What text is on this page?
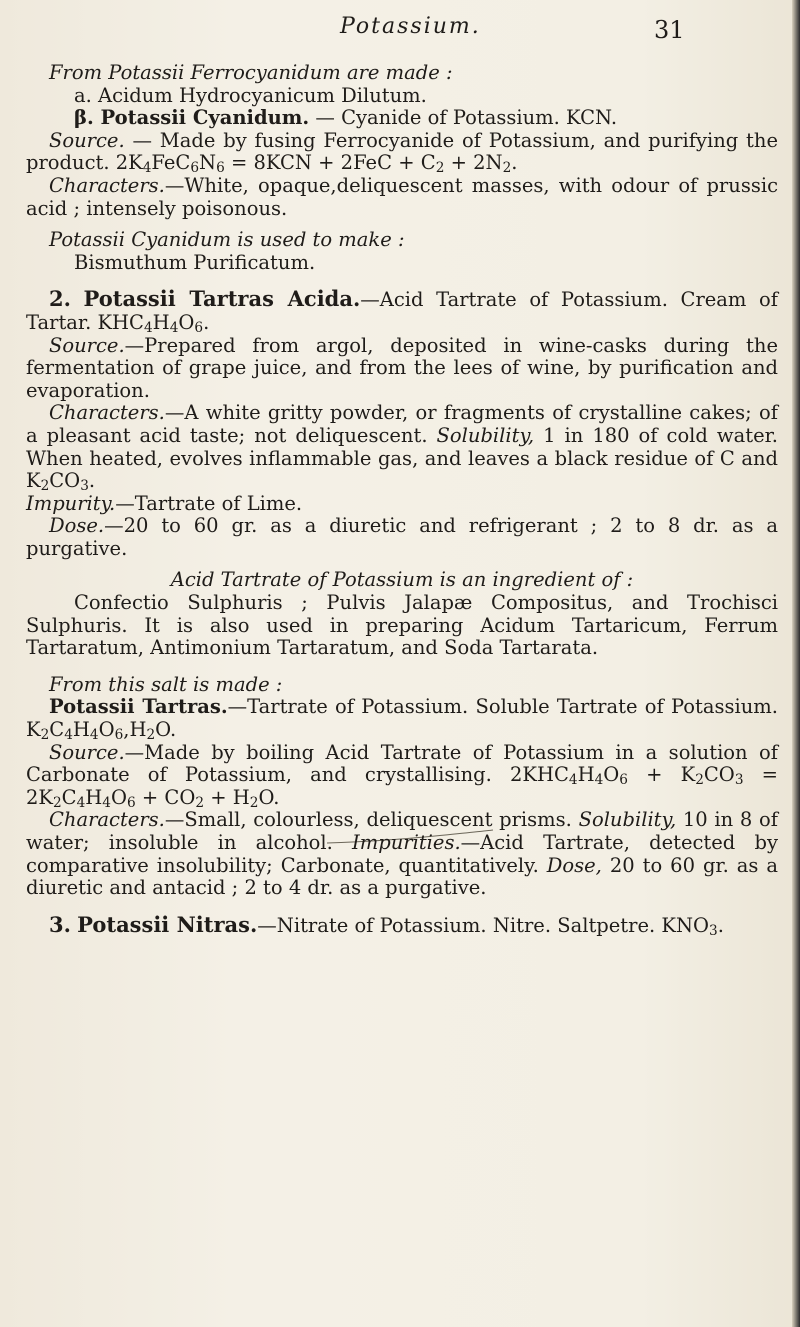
Potassium.	31

From Potassii Ferrocyanidum are made :

a. Acidum Hydrocyanicum Dilutum.

β. Potassii Cyanidum. — Cyanide of Potassium. KCN.

Source. — Made by fusing Ferrocyanide of Potassium, and purifying the product. $2K_4FeC_6N_6 = 8KCN + 2FeC + C_2 + 2N_2$.

Characters.—White, opaque,deliquescent masses, with odour of prussic acid ; intensely poisonous.

Potassii Cyanidum is used to make :

Bismuthum Purificatum.

2. Potassii Tartras Acida.—Acid Tartrate of Potassium. Cream of Tartar. $KHC_4H_4O_6$.

Source.—Prepared from argol, deposited in wine-casks during the fermentation of grape juice, and from the lees of wine, by purification and evaporation.

Characters.—A white gritty powder, or fragments of crystalline cakes; of a pleasant acid taste; not deliquescent. Solubility, 1 in 180 of cold water. When heated, evolves inflammable gas, and leaves a black residue of C and $K_2CO_3$.

Impurity.—Tartrate of Lime.

Dose.—20 to 60 gr. as a diuretic and refrigerant ; 2 to 8 dr. as a purgative.

Acid Tartrate of Potassium is an ingredient of :

Confectio Sulphuris ; Pulvis Jalapæ Compositus, and Trochisci Sulphuris. It is also used in preparing Acidum Tartaricum, Ferrum Tartaratum, Antimonium Tartaratum, and Soda Tartarata.

From this salt is made :

Potassii Tartras.—Tartrate of Potassium. Soluble Tartrate of Potassium. $K_2C_4H_4O_6,H_2O$.

Source.—Made by boiling Acid Tartrate of Potassium in a solution of Carbonate of Potassium, and crystallising. $2KHC_4H_4O_6 + K_2CO_3 = 2K_2C_4H_4O_6 + CO_2 + H_2O$.

Characters.—Small, colourless, deliquescent prisms. Solubility, 10 in 8 of water; insoluble in alcohol. Impurities.—Acid Tartrate, detected by comparative insolubility; Carbonate, quantitatively. Dose, 20 to 60 gr. as a diuretic and antacid ; 2 to 4 dr. as a purgative.

3. Potassii Nitras.—Nitrate of Potassium. Nitre. Saltpetre. $KNO_3$.
